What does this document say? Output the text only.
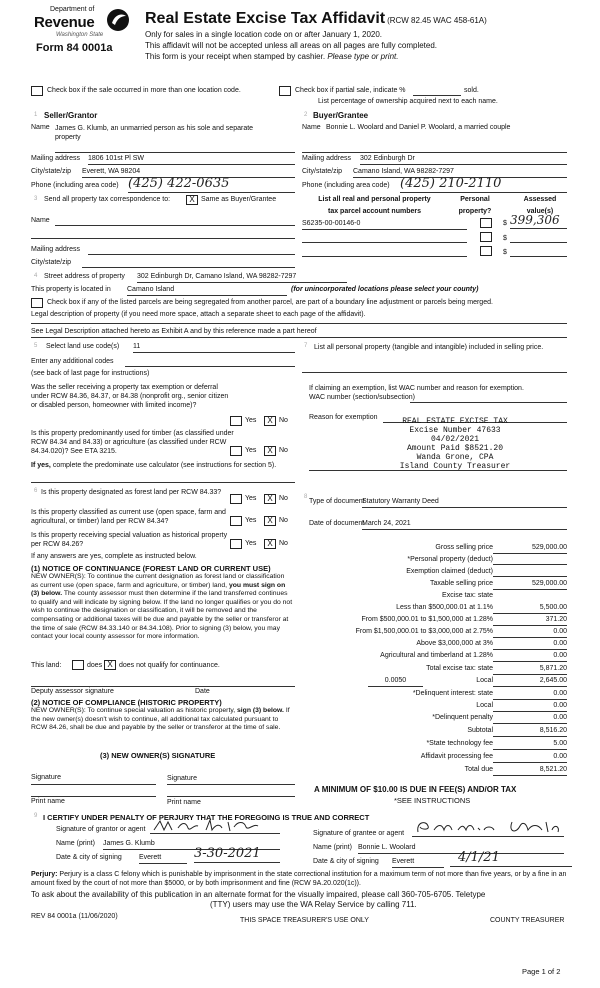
Department of
Revenue
Washington State
Form 84 0001a
Real Estate Excise Tax Affidavit (RCW 82.45 WAC 458-61A)
Only for sales in a single location code on or after January 1, 2020.
This affidavit will not be accepted unless all areas on all pages are fully completed.
This form is your receipt when stamped by cashier. Please type or print.
Check box if the sale occurred in more than one location code.	Check box if partial sale, indicate %	sold.
List percentage of ownership acquired next to each name.
1 Seller/Grantor
Name James G. Klumb, an unmarried person as his sole and separate property
Mailing address 1806 101st Pl SW
City/state/zip Everett, WA 98204
Phone (including area code) (425) 422-0635
2 Buyer/Grantee
Name Bonnie L. Woolard and Daniel P. Woolard, a married couple
Mailing address 302 Edinburgh Dr
City/state/zip Camano Island, WA 98282-7297
Phone (including area code) (425) 210-2110
3 Send all property tax correspondence to:	X Same as Buyer/Grantee
Name
Mailing address
City/state/zip
List all real and personal property
tax parcel account numbers
Personal
property?
Assessed
value(s)
S6235-00-00146-0	$ 399,306
$
$
4 Street address of property 302 Edinburgh Dr, Camano Island, WA 98282-7297
This property is located in Camano Island	(for unincorporated locations please select your county)
Check box if any of the listed parcels are being segregated from another parcel, are part of a boundary line adjustment or parcels being merged.
Legal description of property (if you need more space, attach a separate sheet to each page of the affidavit).
See Legal Description attached hereto as Exhibit A and by this reference made a part hereof
5 Select land use code(s) 11
Enter any additional codes
(see back of last page for instructions)
Was the seller receiving a property tax exemption or deferral under RCW 84.36, 84.37, or 84.38 (nonprofit org., senior citizen or disabled person, homeowner with limited income)?
Yes	X No
Is this property predominantly used for timber (as classified under RCW 84.34 and 84.33) or agriculture (as classified under RCW 84.34.020)? See ETA 3215.	Yes	X No
If yes, complete the predominate use calculator (see instructions for section 5).
7 List all personal property (tangible and intangible) included in selling price.
If claiming an exemption, list WAC number and reason for exemption.
WAC number (section/subsection)
Reason for exemption	REAL ESTATE EXCISE TAX
Excise Number 47633
04/02/2021
Amount Paid $8521.20
Wanda Grone, CPA
Island County Treasurer
6 Is this property designated as forest land per RCW 84.33?
Yes	X No
Is this property classified as current use (open space, farm and agricultural, or timber) land per RCW 84.34?	Yes	X No
Is this property receiving special valuation as historical property per RCW 84.26?	Yes	X No
If any answers are yes, complete as instructed below.
(1) NOTICE OF CONTINUANCE (FOREST LAND OR CURRENT USE)
NEW OWNER(S): To continue the current designation as forest land or classification as current use (open space, farm and agriculture, or timber) land, you must sign on (3) below. The county assessor must then determine if the land transferred continues to qualify and will indicate by signing below. If the land no longer qualifies or you do not wish to continue the designation or classification, it will be removed and the compensating or additional taxes will be due and payable by the seller or transferor at the time of sale (RCW 84.33.140 or 84.34.108). Prior to signing (3) below, you may contact your local county assessor for more information.
This land:	does X does not qualify for continuance.
Deputy assessor signature	Date
(2) NOTICE OF COMPLIANCE (HISTORIC PROPERTY)
NEW OWNER(S): To continue special valuation as historic property, sign (3) below. If the new owner(s) doesn't wish to continue, all additional tax calculated pursuant to RCW 84.26, shall be due and payable by the seller or transferor at the time of sale.
(3) NEW OWNER(S) SIGNATURE
Signature	Signature
Print name	Print name
8
Type of document
Statutory Warranty Deed
Date of document
March 24, 2021
Gross selling price	529,000.00
*Personal property (deduct)
Exemption claimed (deduct)
Taxable selling price	529,000.00
Excise tax: state
Less than $500,000.01 at 1.1%	5,500.00
From $500,000.01 to $1,500,000 at 1.28%	371.20
From $1,500,000.01 to $3,000,000 at 2.75%	0.00
Above $3,000,000 at 3%	0.00
Agricultural and timberland at 1.28%	0.00
Total excise tax: state	5,871.20
0.0050	Local	2,645.00
*Delinquent interest: state	0.00
Local	0.00
*Delinquent penalty	0.00
Subtotal	8,516.20
*State technology fee	5.00
Affidavit processing fee	0.00
Total due	8,521.20
A MINIMUM OF $10.00 IS DUE IN FEE(S) AND/OR TAX
*SEE INSTRUCTIONS
9 I CERTIFY UNDER PENALTY OF PERJURY THAT THE FOREGOING IS TRUE AND CORRECT
Signature of grantor or agent
Name (print) James G. Klumb
Date & city of signing Everett	3-30-2021
Signature of grantee or agent
Name (print) Bonnie L. Woolard
Date & city of signing Everett	4/1/21
Perjury: Perjury is a class C felony which is punishable by imprisonment in the state correctional institution for a maximum term of not more than five years, or by a fine in an amount fixed by the court of not more than $5000, or by both imprisonment and fine (RCW 9A.20.020(1c)).
To ask about the availability of this publication in an alternate format for the visually impaired, please call 360-705-6705. Teletype
(TTY) users may use the WA Relay Service by calling 711.
REV 84 0001a (11/06/2020)
THIS SPACE TREASURER'S USE ONLY	COUNTY TREASURER
Page 1 of 2
